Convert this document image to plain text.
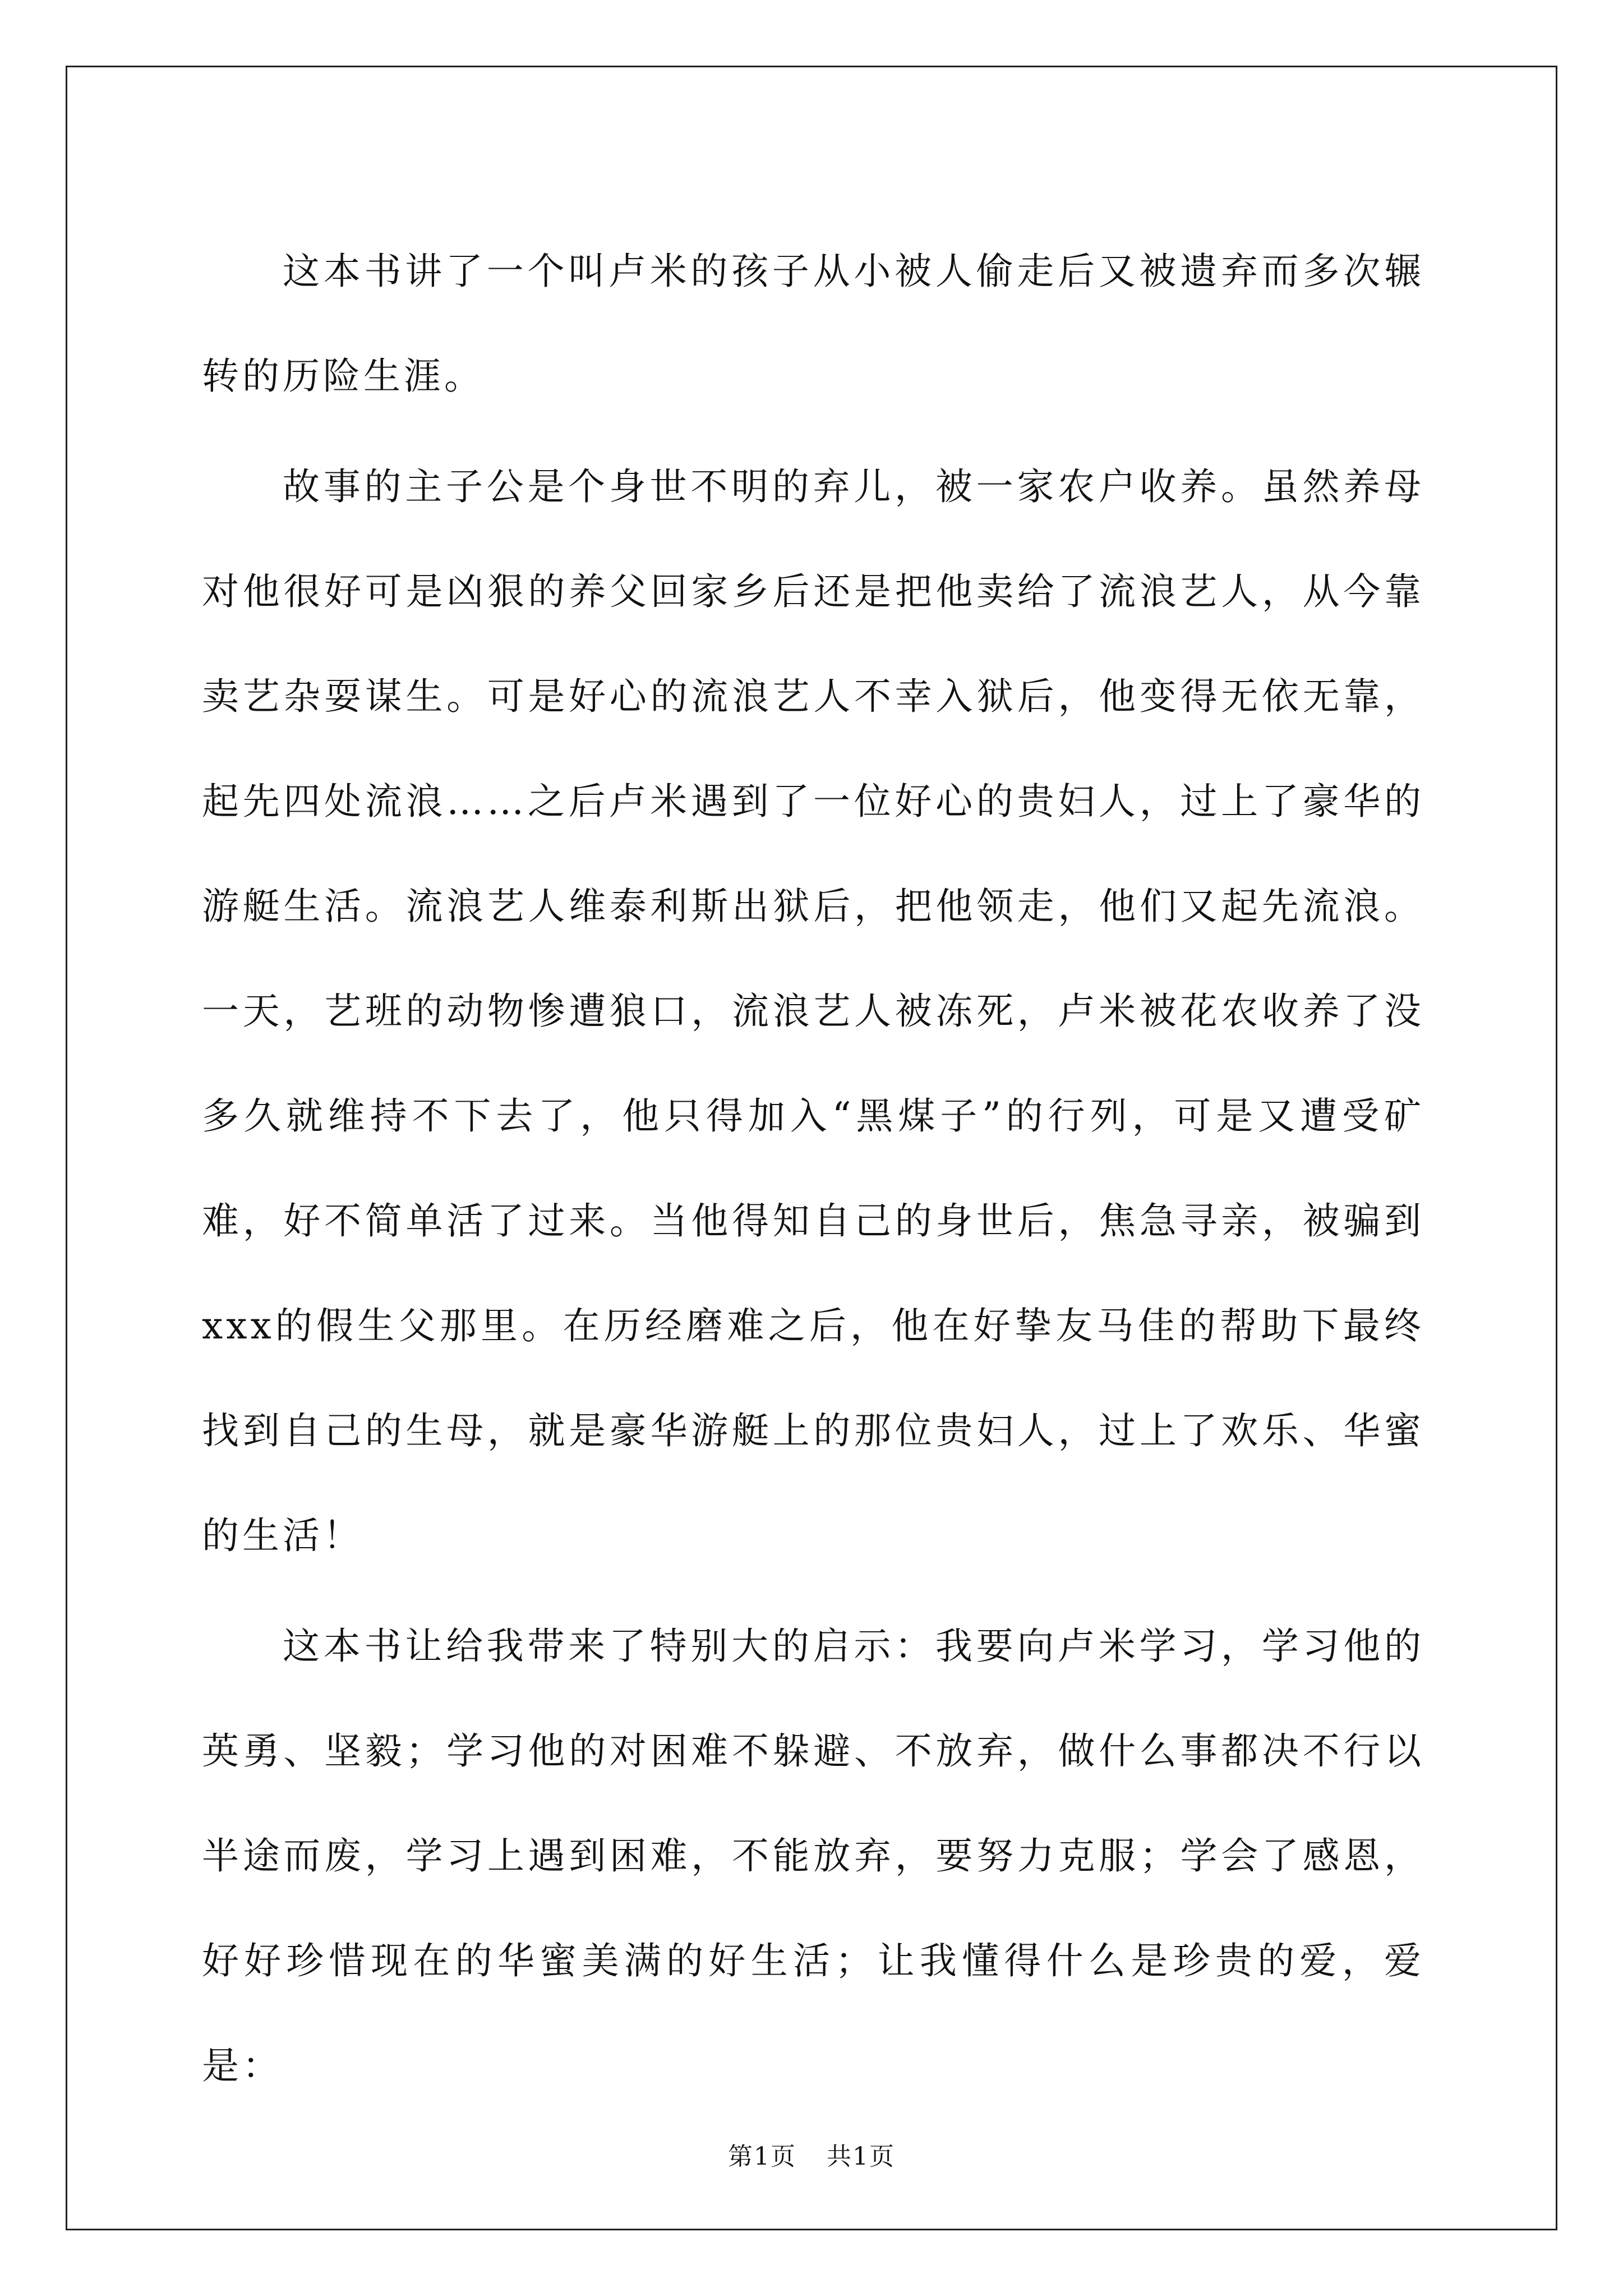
这本书讲了一个叫卢米的孩子从小被人偷走后又被遗弃而多次辗转的历险生涯。

故事的主子公是个身世不明的弃儿，被一家农户收养。虽然养母对他很好可是凶狠的养父回家乡后还是把他卖给了流浪艺人，从今靠卖艺杂耍谋生。可是好心的流浪艺人不幸入狱后，他变得无依无靠，起先四处流浪……之后卢米遇到了一位好心的贵妇人，过上了豪华的游艇生活。流浪艺人维泰利斯出狱后，把他领走，他们又起先流浪。一天，艺班的动物惨遭狼口，流浪艺人被冻死，卢米被花农收养了没多久就维持不下去了，他只得加入“黑煤子”的行列，可是又遭受矿难，好不简单活了过来。当他得知自己的身世后，焦急寻亲，被骗到xxx的假生父那里。在历经磨难之后，他在好挚友马佳的帮助下最终找到自己的生母，就是豪华游艇上的那位贵妇人，过上了欢乐、华蜜的生活！

这本书让给我带来了特别大的启示：我要向卢米学习，学习他的英勇、坚毅；学习他的对困难不躲避、不放弃，做什么事都决不行以半途而废，学习上遇到困难，不能放弃，要努力克服；学会了感恩，好好珍惜现在的华蜜美满的好生活；让我懂得什么是珍贵的爱，爱是：

第1页 共1页
